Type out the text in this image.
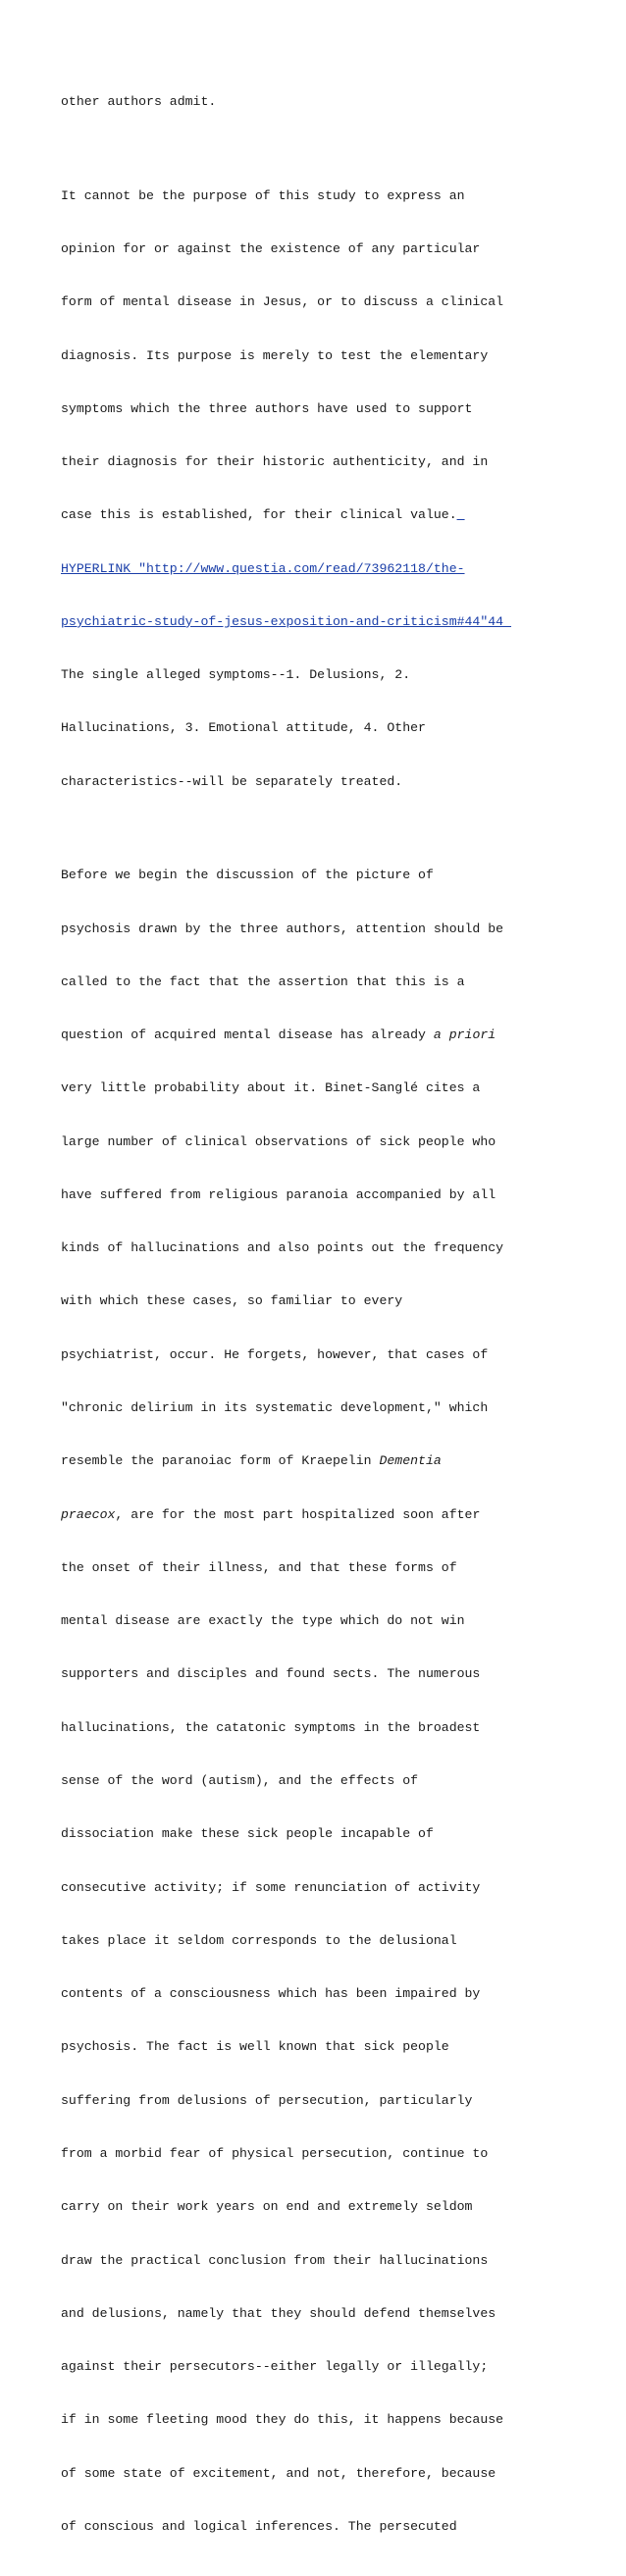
other authors admit.

It cannot be the purpose of this study to express an

opinion for or against the existence of any particular

form of mental disease in Jesus, or to discuss a clinical

diagnosis. Its purpose is merely to test the elementary

symptoms which the three authors have used to support

their diagnosis for their historic authenticity, and in

case this is established, for their clinical value._

HYPERLINK "http://www.questia.com/read/73962118/the-

psychiatric-study-of-jesus-exposition-and-criticism#44"44_

The single alleged symptoms--1. Delusions, 2.

Hallucinations, 3. Emotional attitude, 4. Other

characteristics--will be separately treated.

Before we begin the discussion of the picture of

psychosis drawn by the three authors, attention should be

called to the fact that the assertion that this is a

question of acquired mental disease has already a priori

very little probability about it. Binet-Sanglé cites a

large number of clinical observations of sick people who

have suffered from religious paranoia accompanied by all

kinds of hallucinations and also points out the frequency

with which these cases, so familiar to every

psychiatrist, occur. He forgets, however, that cases of

"chronic delirium in its systematic development," which

resemble the paranoiac form of Kraepelin Dementia

praecox, are for the most part hospitalized soon after

the onset of their illness, and that these forms of

mental disease are exactly the type which do not win

supporters and disciples and found sects. The numerous

hallucinations, the catatonic symptoms in the broadest

sense of the word (autism), and the effects of

dissociation make these sick people incapable of

consecutive activity; if some renunciation of activity

takes place it seldom corresponds to the delusional

contents of a consciousness which has been impaired by

psychosis. The fact is well known that sick people

suffering from delusions of persecution, particularly

from a morbid fear of physical persecution, continue to

carry on their work years on end and extremely seldom

draw the practical conclusion from their hallucinations

and delusions, namely that they should defend themselves

against their persecutors--either legally or illegally;

if in some fleeting mood they do this, it happens because

of some state of excitement, and not, therefore, because

of conscious and logical inferences. The persecuted
